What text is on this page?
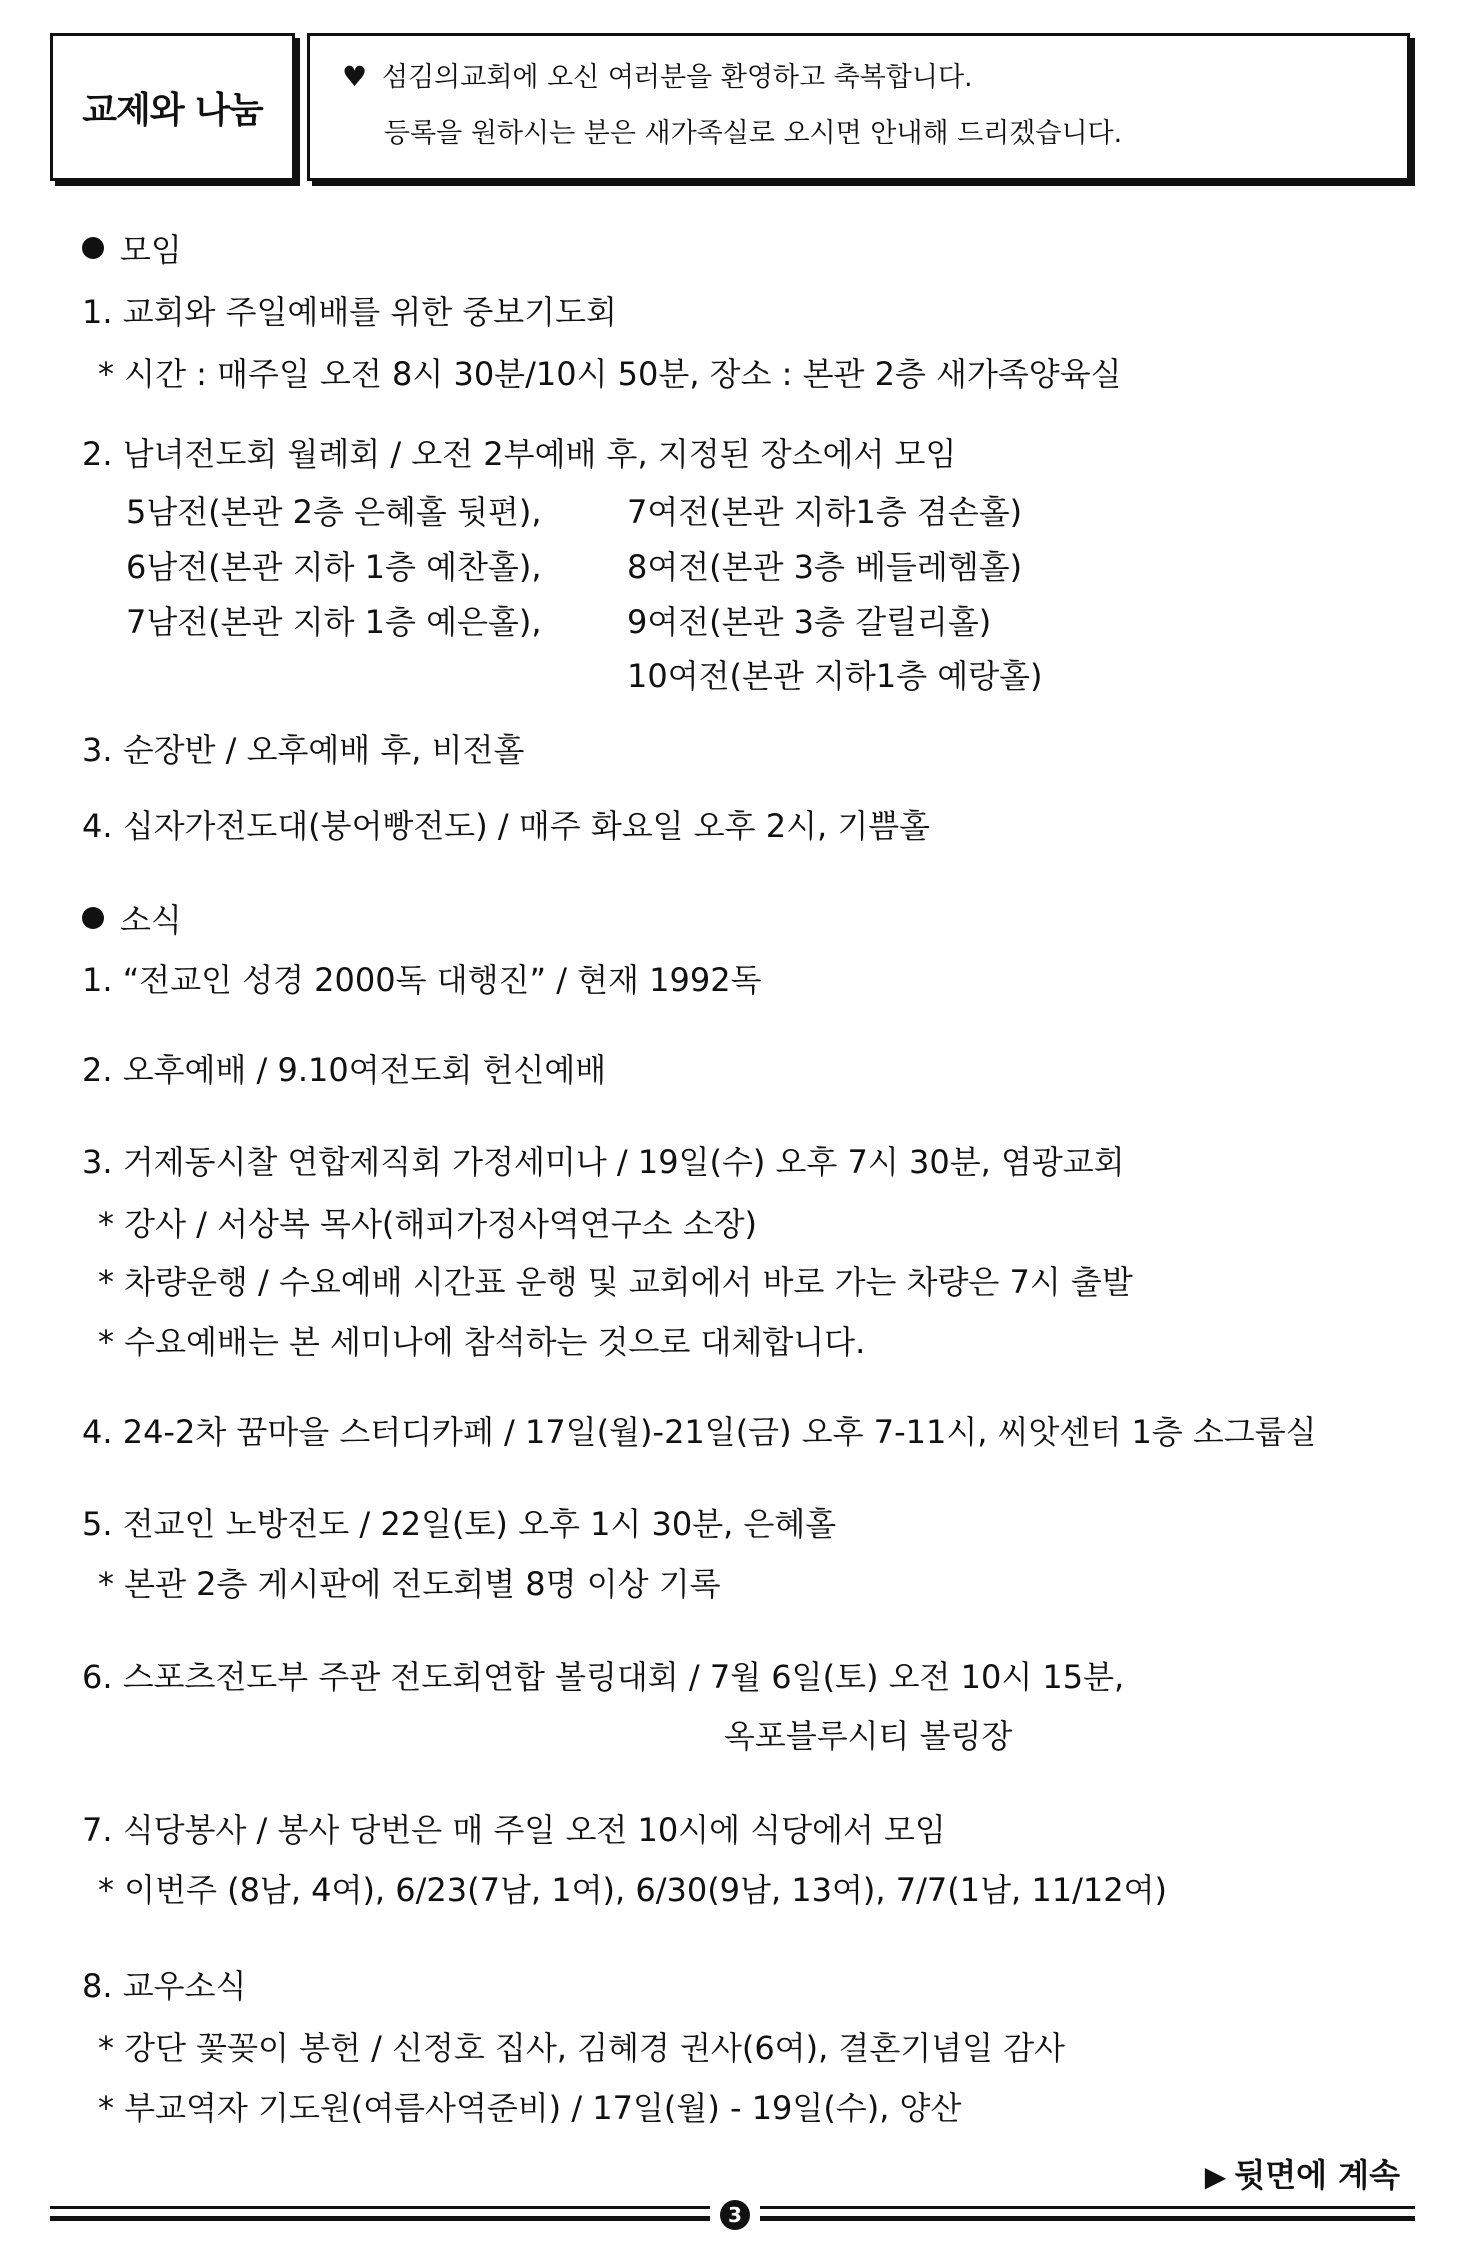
교제와 나눔
♥ 섬김의교회에 오신 여러분을 환영하고 축복합니다.
등록을 원하시는 분은 새가족실로 오시면 안내해 드리겠습니다.
모임
1. 교회와 주일예배를 위한 중보기도회
* 시간 : 매주일 오전 8시 30분/10시 50분, 장소 : 본관 2층 새가족양육실
2. 남녀전도회 월례회 / 오전 2부예배 후, 지정된 장소에서 모임
5남전(본관 2층 은혜홀 뒷편),
6남전(본관 지하 1층 예찬홀),
7남전(본관 지하 1층 예은홀),
7여전(본관 지하1층 겸손홀)
8여전(본관 3층 베들레헴홀)
9여전(본관 3층 갈릴리홀)
10여전(본관 지하1층 예랑홀)
3. 순장반 / 오후예배 후, 비전홀
4. 십자가전도대(붕어빵전도) / 매주 화요일 오후 2시, 기쁨홀
소식
1. “전교인 성경 2000독 대행진” / 현재 1992독
2. 오후예배 / 9.10여전도회 헌신예배
3. 거제동시찰 연합제직회 가정세미나 / 19일(수) 오후 7시 30분, 염광교회
* 강사 / 서상복 목사(해피가정사역연구소 소장)
* 차량운행 / 수요예배 시간표 운행 및 교회에서 바로 가는 차량은 7시 출발
* 수요예배는 본 세미나에 참석하는 것으로 대체합니다.
4. 24-2차 꿈마을 스터디카페 / 17일(월)-21일(금) 오후 7-11시, 씨앗센터 1층 소그룹실
5. 전교인 노방전도 / 22일(토) 오후 1시 30분, 은혜홀
* 본관 2층 게시판에 전도회별 8명 이상 기록
6. 스포츠전도부 주관 전도회연합 볼링대회 / 7월 6일(토) 오전 10시 15분,
옥포블루시티 볼링장
7. 식당봉사 / 봉사 당번은 매 주일 오전 10시에 식당에서 모임
* 이번주 (8남, 4여), 6/23(7남, 1여), 6/30(9남, 13여), 7/7(1남, 11/12여)
8. 교우소식
* 강단 꽃꽂이 봉헌 / 신정호 집사, 김혜경 권사(6여), 결혼기념일 감사
* 부교역자 기도원(여름사역준비) / 17일(월) - 19일(수), 양산
▶ 뒷면에 계속
3
